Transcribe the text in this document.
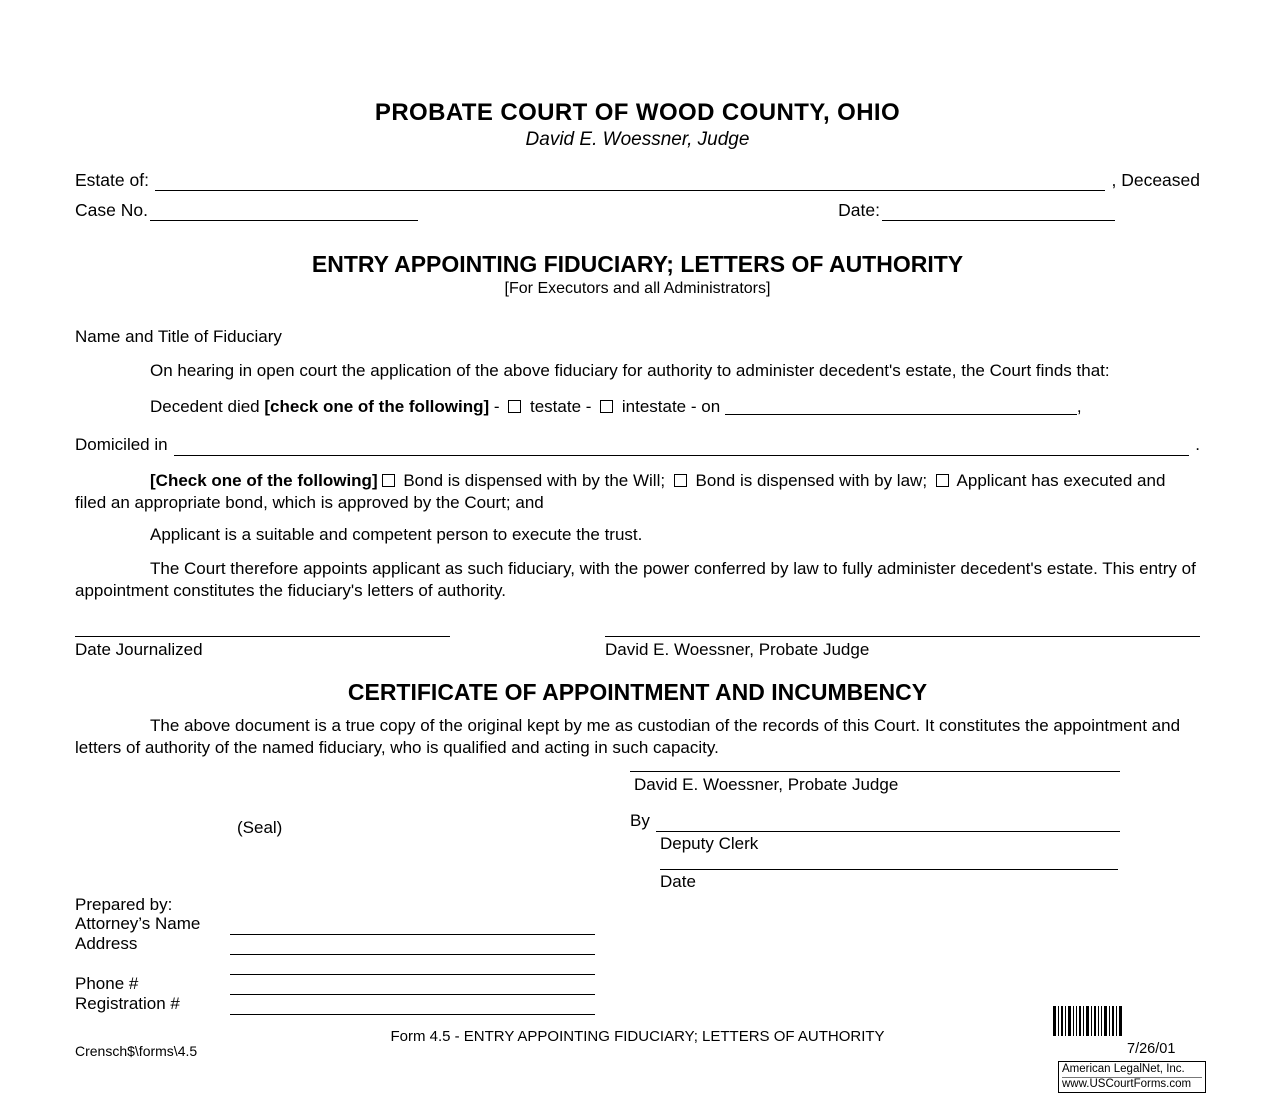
PROBATE COURT OF WOOD COUNTY, OHIO
David E. Woessner, Judge
Estate of:	, Deceased
Case No.	Date:
ENTRY APPOINTING FIDUCIARY; LETTERS OF AUTHORITY
[For Executors and all Administrators]
Name and Title of Fiduciary

On hearing in open court the application of the above fiduciary for authority to administer decedent's estate, the Court finds that:

Decedent died [check one of the following] -  testate -  intestate - on	,

Domiciled in	.

[Check one of the following] Bond is dispensed with by the Will;  Bond is dispensed with by law;  Applicant has executed and filed an appropriate bond, which is approved by the Court; and

Applicant is a suitable and competent person to execute the trust.

The Court therefore appoints applicant as such fiduciary, with the power conferred by law to fully administer decedent's estate. This entry of appointment constitutes the fiduciary's letters of authority.

Date Journalized	David E. Woessner, Probate Judge
CERTIFICATE OF APPOINTMENT AND INCUMBENCY

The above document is a true copy of the original kept by me as custodian of the records of this Court. It constitutes the appointment and letters of authority of the named fiduciary, who is qualified and acting in such capacity.

(Seal)
David E. Woessner, Probate Judge
By
Deputy Clerk
Date
Prepared by:
Attorney’s Name
Address
Phone #
Registration #
Form 4.5 - ENTRY APPOINTING FIDUCIARY; LETTERS OF AUTHORITY
Crensch$\forms\4.5	7/26/01
American LegalNet, Inc.
www.USCourtForms.com
